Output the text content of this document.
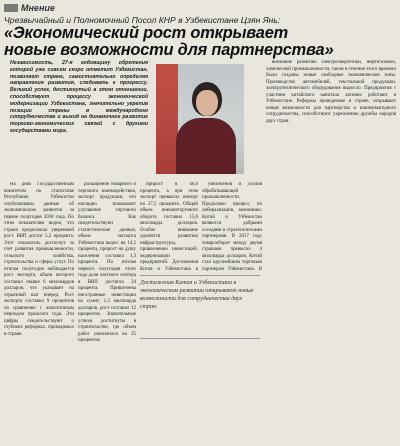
Мнение
Чрезвычайный и Полномочный Посол КНР в Узбекистане Цзян Янь:
«Экономический рост открывает
новые возможности для партнерства»
Независимость, 27-я годовщину обретения которой уже совсем скоро отметит Узбекистан, позволяет стране, самостоятельно определяя направления развития, следовать к прогрессу. Великий успех, достигнутый в этом отношении, способствует процессу экономической модернизации Узбекистана, значительно укрепив позиции страны в международном сотрудничестве и выход на динамичное развитие торгово-экономических связей с другими государствами мира.

На днях Государственным комитетом по статистике Республики Узбекистан опубликованы данные об экономическом развитии за первое полугодие 2018 года. По этим показателям видно, что страна продолжила уверенный рост. ВВП достиг 5,2 процента. Этот показатель достигнут за счет развития промышленности, сельского хозяйства, строительства и сферы услуг. По итогам полугодия наблюдается рост экспорта, объем которого составил свыше 6 миллиардов долларов, что указывает на серьезный шаг вперед. Рост экспорта составил 9 процентов по сравнению с аналогичным периодом прошлого года. Эти цифры свидетельствуют о глубоких реформах, проводимых в стране.

расширение товарного и торгового взаимодействия, экспорт продукции, что наглядно показывает улучшение торгового баланса. Как свидетельствуют статистические данные, объем экспорта Узбекистана вырос на 14,2 процента, прирост на душу населения составил 1,3 процента. По итогам первого полугодия этого года доля частного сектора в ВВП достигла 24 процента. Привлечены иностранные инвестиции на сумму 1,3 миллиарда долларов, рост составил 12 процентов. Значительные успехи достигнуты в строительстве, где объем работ увеличился на 25 процентов.

прирост в 46,8 процента, а при этом экспорт превысил импорт на 27,5 процента. Общий объем внешнеторгового оборота составил 15,6 миллиарда долларов. Особое внимание уделяется развитию инфраструктуры, привлечению инвестиций, модернизации предприятий. Достижения Китая и Узбекистана в

увеличения и усилия обрабатывающей промышленности. Продолжен процесс по либерализации, экономики. Китай и Узбекистан являются добрыми соседями и стратегическими партнерами. В 2017 году товарооборот между двумя странами превысил 4 миллиарда долларов, Китай стал крупнейшим торговым партнером Узбекистана. В

внимание развитию электроэнергетики, нефтегазовой, химической промышленности, также в течение этого времени были созданы новые свободные экономические зоны. Производство автомобилей, текстильной продукции, электротехнического оборудования выросло. Предприятия с участием китайского капитала активно работают в Узбекистане. Реформы проводимые в стране, открывают новые возможности для партнерства и взаимовыгодного сотрудничества, способствуют укреплению дружбы народов двух стран.

Достижения Китая и Узбекистана в экономическом развитии открывают новые возможности для сотрудничества двух стран.
